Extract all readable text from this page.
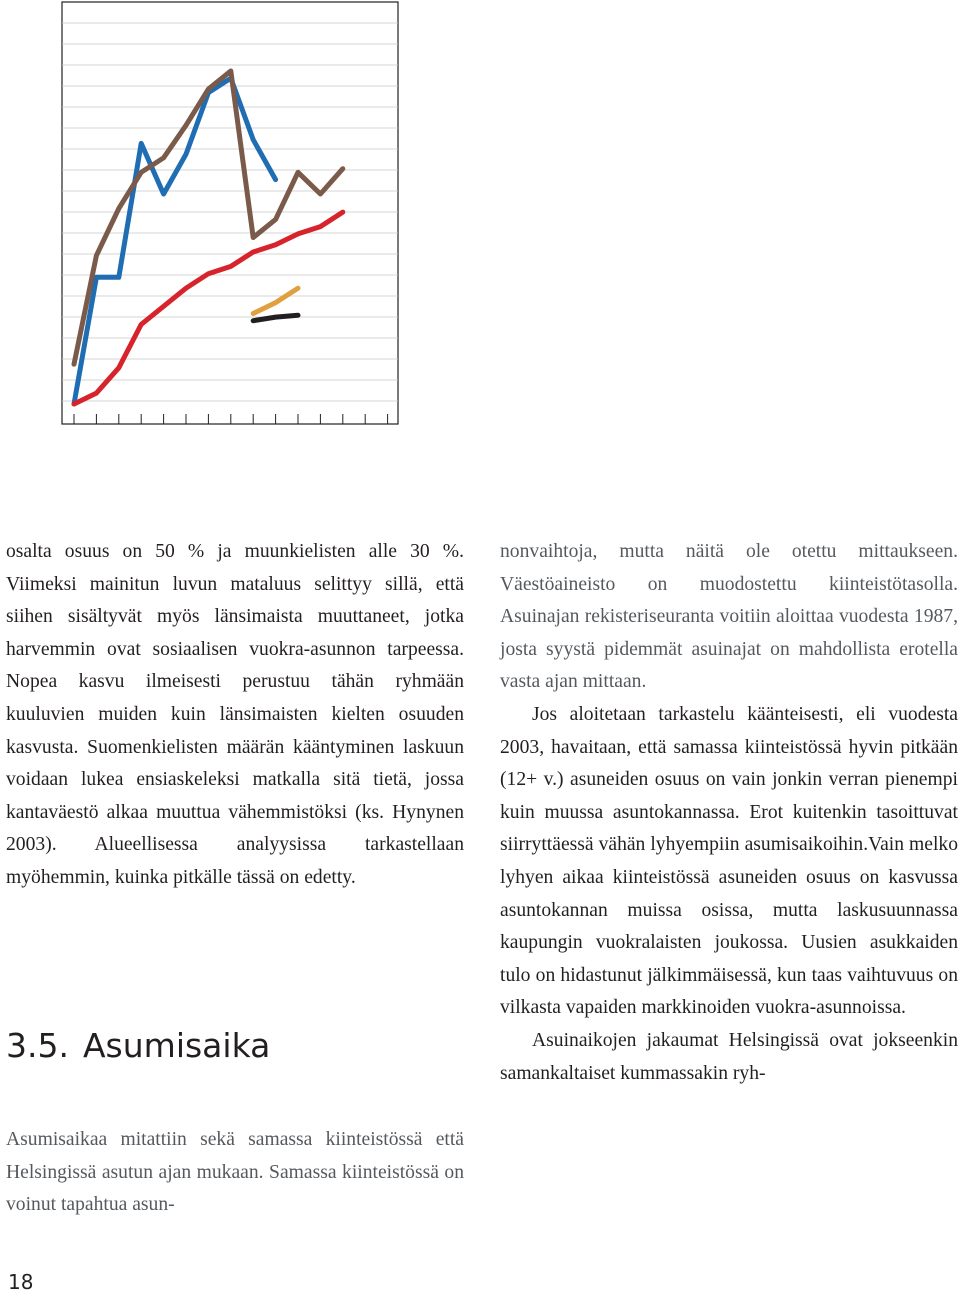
osalta osuus on 50 % ja muunkielisten alle 30 %. Viimeksi mainitun luvun mataluus selittyy sillä, että siihen sisältyvät myös länsimaista muuttaneet, jotka harvemmin ovat sosiaalisen vuokra-asunnon tarpeessa. Nopea kasvu ilmeisesti perustuu tähän ryhmään kuuluvien muiden kuin länsimaisten kielten osuuden kasvusta. Suomenkielisten määrän kääntyminen laskuun voidaan lukea ensiaskeleksi matkalla sitä tietä, jossa kantaväestö alkaa muuttua vähemmistöksi (ks. Hynynen 2003). Alueellisessa analyysissa tarkastellaan myöhemmin, kuinka pitkälle tässä on edetty.

3.5. Asumisaika

Asumisaikaa mitattiin sekä samassa kiinteistössä että Helsingissä asutun ajan mukaan. Samassa kiinteistössä on voinut tapahtua asun-

nonvaihtoja, mutta näitä ole otettu mittaukseen. Väestöaineisto on muodostettu kiinteistötasolla. Asuinajan rekisteriseuranta voitiin aloittaa vuodesta 1987, josta syystä pidemmät asuinajat on mahdollista erotella vasta ajan mittaan.

Jos aloitetaan tarkastelu käänteisesti, eli vuodesta 2003, havaitaan, että samassa kiinteistössä hyvin pitkään (12+ v.) asuneiden osuus on vain jonkin verran pienempi kuin muussa asuntokannassa. Erot kuitenkin tasoittuvat siirryttäessä vähän lyhyempiin asumisaikoihin.Vain melko lyhyen aikaa kiinteistössä asuneiden osuus on kasvussa asuntokannan muissa osissa, mutta laskusuunnassa kaupungin vuokralaisten joukossa. Uusien asukkaiden tulo on hidastunut jälkimmäisessä, kun taas vaihtuvuus on vilkasta vapaiden markkinoiden vuokra-asunnoissa.

Asuinaikojen jakaumat Helsingissä ovat jokseenkin samankaltaiset kummassakin ryh-

18
